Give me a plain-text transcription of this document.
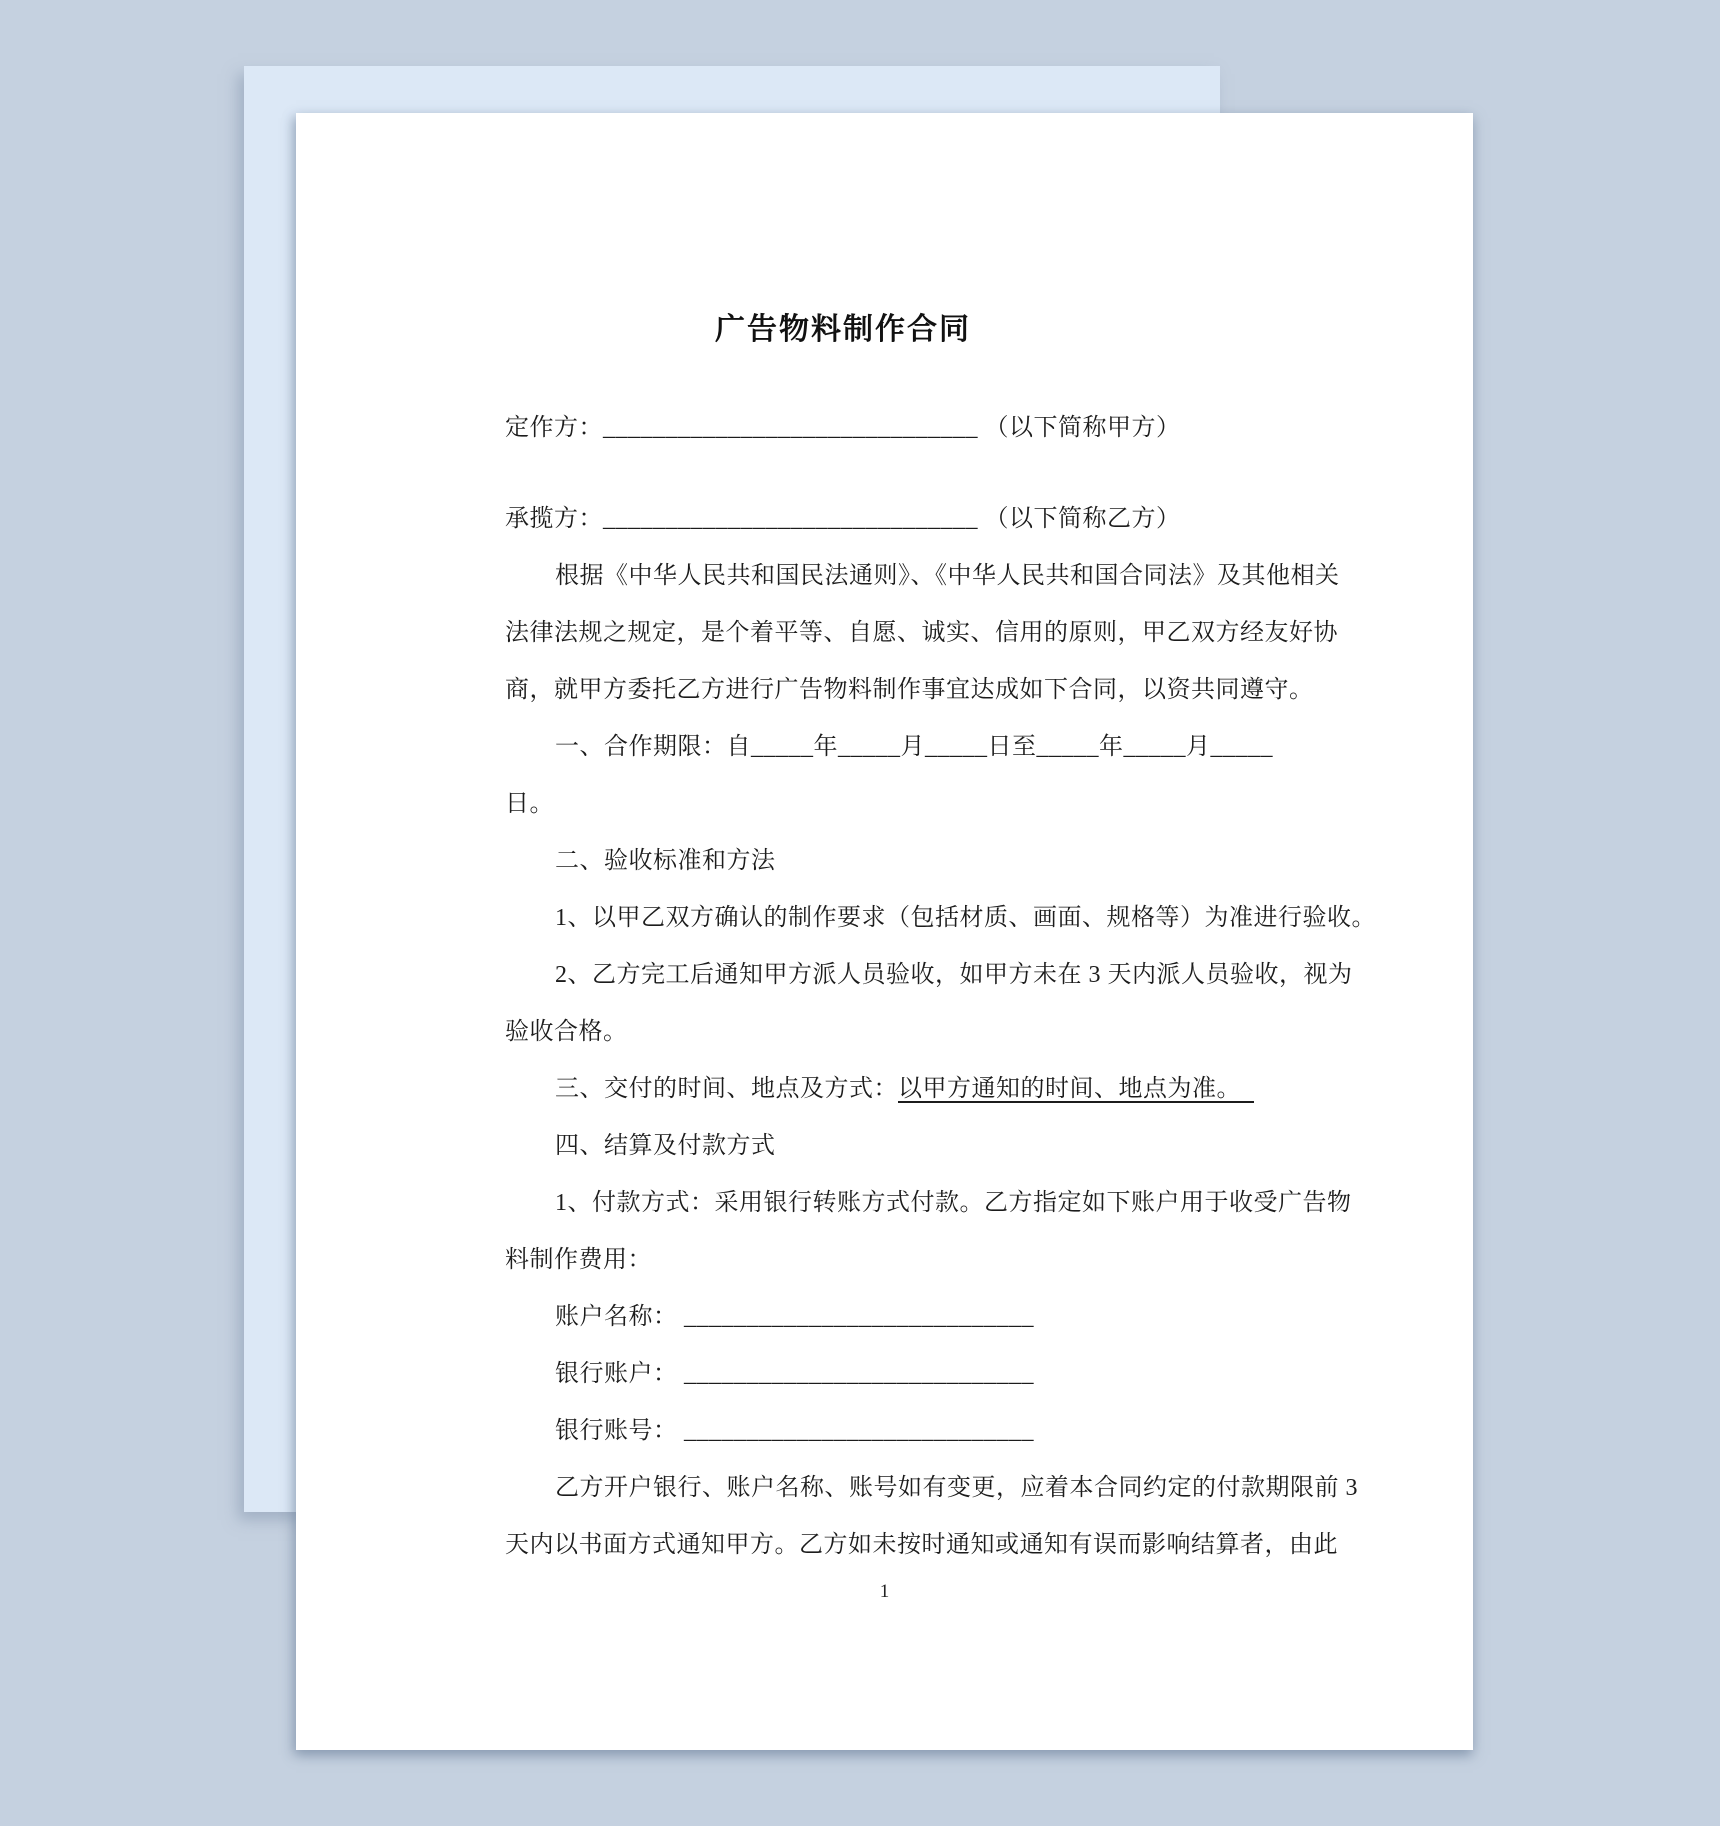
广告物料制作合同
定作方：______________________________ （以下简称甲方）
承揽方：______________________________ （以下简称乙方）
根据《中华人民共和国民法通则》、《中华人民共和国合同法》及其他相关
法律法规之规定，是个着平等、自愿、诚实、信用的原则，甲乙双方经友好协
商，就甲方委托乙方进行广告物料制作事宜达成如下合同，以资共同遵守。
一、合作期限：自_____年_____月_____日至_____年_____月_____
日。
二、验收标准和方法
1、以甲乙双方确认的制作要求（包括材质、画面、规格等）为准进行验收。
2、乙方完工后通知甲方派人员验收，如甲方未在 3 天内派人员验收，视为
验收合格。
三、交付的时间、地点及方式：以甲方通知的时间、地点为准。
四、结算及付款方式
1、付款方式：采用银行转账方式付款。乙方指定如下账户用于收受广告物
料制作费用：
账户名称： ____________________________
银行账户： ____________________________
银行账号： ____________________________
乙方开户银行、账户名称、账号如有变更，应着本合同约定的付款期限前 3
天内以书面方式通知甲方。乙方如未按时通知或通知有误而影响结算者，由此
1
